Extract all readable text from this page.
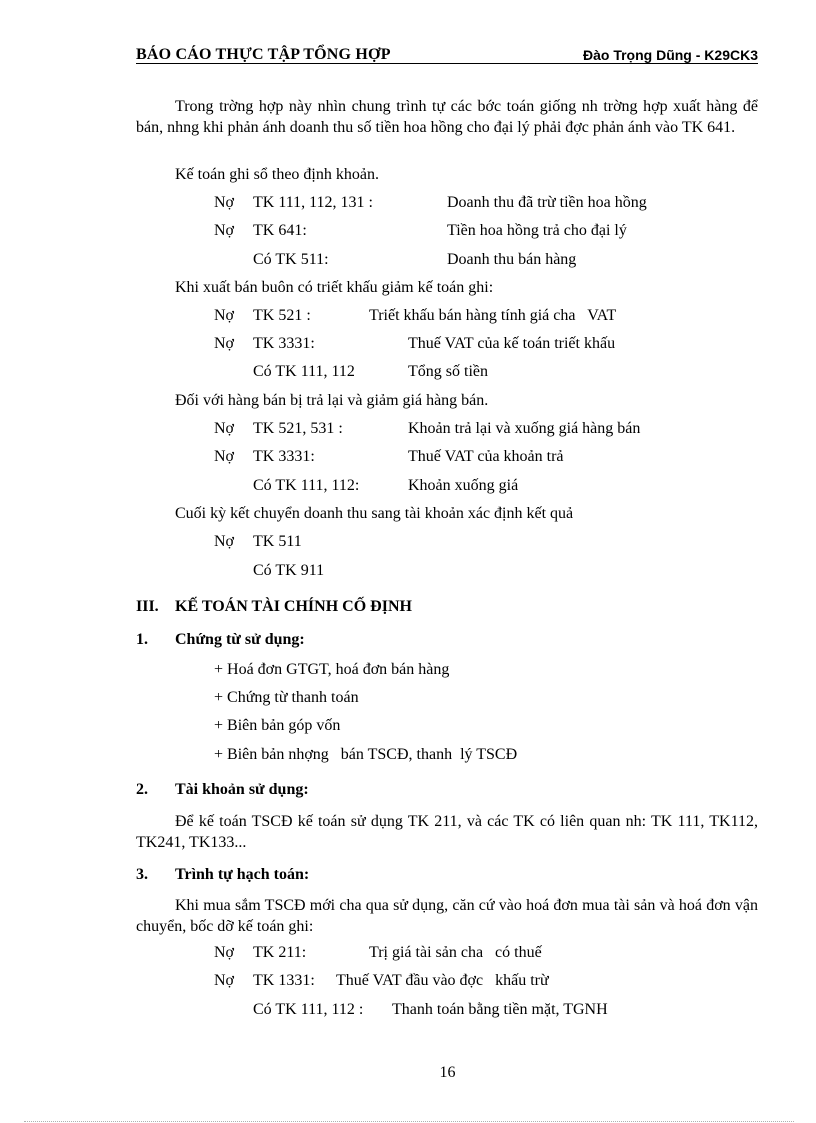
BÁO CÁO THỰC TẬP TỔNG HỢP	Đào Trọng Dũng - K29CK3
Trong trờng hợp này nhìn chung trình tự các bớc toán giống nh trờng hợp xuất hàng để bán, nhng khi phản ánh doanh thu số tiền hoa hồng cho đại lý phải đợc phản ánh vào TK 641.
Kế toán ghi sổ theo định khoản.
Nợ TK 111, 112, 131 :	Doanh thu đã trừ tiền hoa hồng
Nợ TK 641:	Tiền hoa hồng trả cho đại lý
Có TK 511:	Doanh thu bán hàng
Khi xuất bán buôn có triết khấu giảm kế toán ghi:
Nợ TK 521 :	Triết khấu bán hàng tính giá cha   VAT
Nợ TK 3331:	Thuế VAT của kế toán triết khấu
Có TK 111, 112	Tổng số tiền
Đối với hàng bán bị trả lại và giảm giá hàng bán.
Nợ TK 521, 531 :	Khoản trả lại và xuống giá hàng bán
Nợ TK 3331:	Thuế VAT của khoản trả
Có TK 111, 112:	Khoản xuống giá
Cuối kỳ kết chuyển doanh thu sang tài khoản xác định kết quả
Nợ TK 511
Có TK 911
III. KẾ TOÁN TÀI CHÍNH CỐ ĐỊNH
1. Chứng từ sử dụng:
+ Hoá đơn GTGT, hoá đơn bán hàng
+ Chứng từ thanh toán
+ Biên bản góp vốn
+ Biên bản nhợng   bán TSCĐ, thanh  lý TSCĐ
2. Tài khoản sử dụng:
Để kế toán TSCĐ kế toán sử dụng TK 211, và các TK có liên quan nh: TK 111, TK112, TK241, TK133...
3. Trình tự hạch toán:
Khi mua sắm TSCĐ mới cha qua sử dụng, căn cứ vào hoá đơn mua tài sản và hoá đơn vận chuyển, bốc dỡ kế toán ghi:
Nợ TK 211:	Trị giá tài sản cha   có thuế
Nợ TK 1331: Thuế VAT đầu vào đợc   khấu trừ
Có TK 111, 112 : Thanh toán bằng tiền mặt, TGNH
16
